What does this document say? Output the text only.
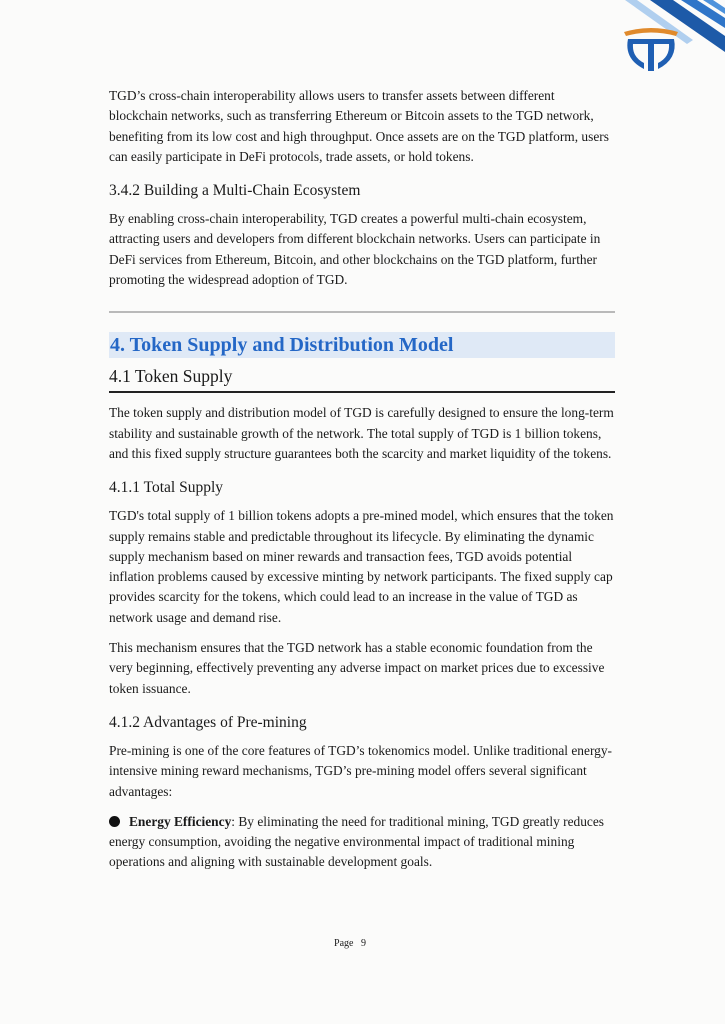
TGD’s cross-chain interoperability allows users to transfer assets between different blockchain networks, such as transferring Ethereum or Bitcoin assets to the TGD network, benefiting from its low cost and high throughput. Once assets are on the TGD platform, users can easily participate in DeFi protocols, trade assets, or hold tokens.

3.4.2 Building a Multi-Chain Ecosystem

By enabling cross-chain interoperability, TGD creates a powerful multi-chain ecosystem, attracting users and developers from different blockchain networks. Users can participate in DeFi services from Ethereum, Bitcoin, and other blockchains on the TGD platform, further promoting the widespread adoption of TGD.

4. Token Supply and Distribution Model
4.1 Token Supply

The token supply and distribution model of TGD is carefully designed to ensure the long-term stability and sustainable growth of the network. The total supply of TGD is 1 billion tokens, and this fixed supply structure guarantees both the scarcity and market liquidity of the tokens.

4.1.1 Total Supply

TGD's total supply of 1 billion tokens adopts a pre-mined model, which ensures that the token supply remains stable and predictable throughout its lifecycle. By eliminating the dynamic supply mechanism based on miner rewards and transaction fees, TGD avoids potential inflation problems caused by excessive minting by network participants. The fixed supply cap provides scarcity for the tokens, which could lead to an increase in the value of TGD as network usage and demand rise.

This mechanism ensures that the TGD network has a stable economic foundation from the very beginning, effectively preventing any adverse impact on market prices due to excessive token issuance.

4.1.2 Advantages of Pre-mining

Pre-mining is one of the core features of TGD’s tokenomics model. Unlike traditional energy-intensive mining reward mechanisms, TGD’s pre-mining model offers several significant advantages:

Energy Efficiency: By eliminating the need for traditional mining, TGD greatly reduces energy consumption, avoiding the negative environmental impact of traditional mining operations and aligning with sustainable development goals.

Page 9
